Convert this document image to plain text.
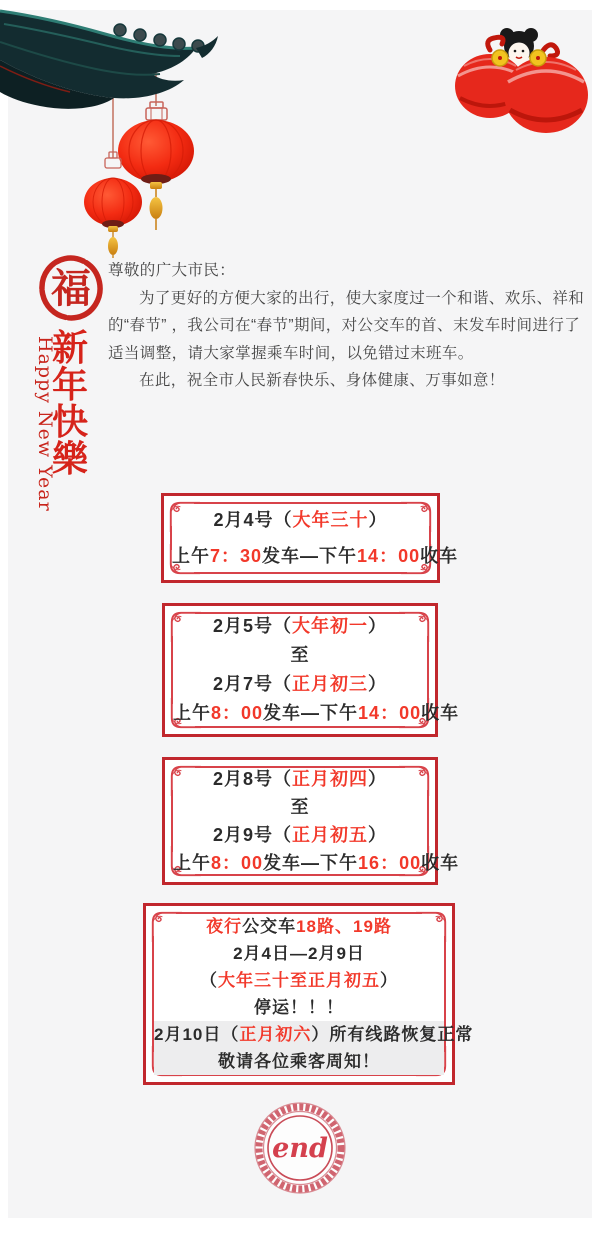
福
新
年
快
樂
Happy New Year
尊敬的广大市民：
为了更好的方便大家的出行，使大家度过一个和谐、欢乐、祥和
的“春节” ，我公司在“春节”期间，对公交车的首、末发车时间进行了
适当调整，请大家掌握乘车时间，以免错过末班车。
在此，祝全市人民新春快乐、身体健康、万事如意！
2月4号（大年三十）
上午7：30发车—下午14：00收车
2月5号（大年初一）
至
2月7号（正月初三）
上午8：00发车—下午14：00收车
2月8号（正月初四）
至
2月9号（正月初五）
上午8：00发车—下午16：00收车
夜行公交车18路、19路
2月4日—2月9日
（大年三十至正月初五）
停运！！！
2月10日（正月初六）所有线路恢复正常
敬请各位乘客周知！
end
